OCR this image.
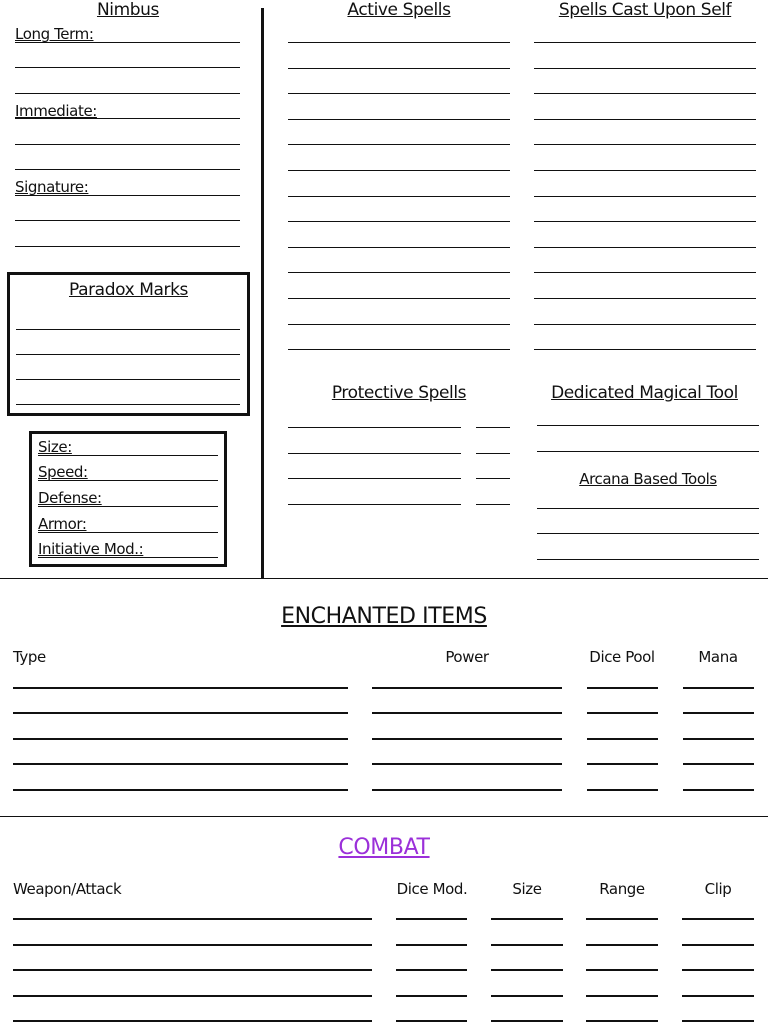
Nimbus
Long Term:
Immediate:
Signature:
Paradox Marks
Size:
Speed:
Defense:
Armor:
Initiative Mod.:
Active Spells	Spells Cast Upon Self
Protective Spells	Dedicated Magical Tool
Arcana Based Tools
ENCHANTED ITEMS
Type	Power	Dice Pool	Mana
COMBAT
Weapon/Attack	Dice Mod.	Size	Range	Clip
